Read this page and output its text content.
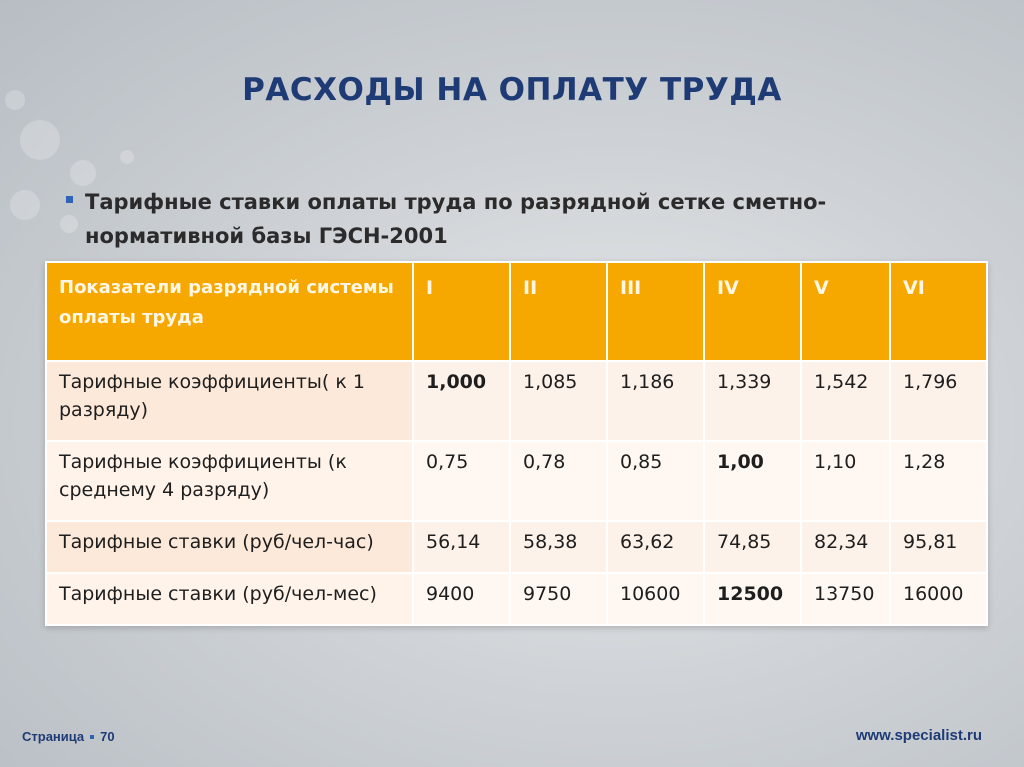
РАСХОДЫ НА ОПЛАТУ ТРУДА
Тарифные ставки оплаты труда по разрядной сетке сметно-
нормативной базы ГЭСН-2001
Показатели разрядной системы оплаты труда	I	II	III	IV	V	VI
Тарифные коэффициенты( к 1 разряду)	1,000	1,085	1,186	1,339	1,542	1,796
Тарифные коэффициенты (к среднему 4 разряду)	0,75	0,78	0,85	1,00	1,10	1,28
Тарифные ставки (руб/чел-час)	56,14	58,38	63,62	74,85	82,34	95,81
Тарифные ставки (руб/чел-мес)	9400	9750	10600	12500	13750	16000
Страница 70	www.specialist.ru
